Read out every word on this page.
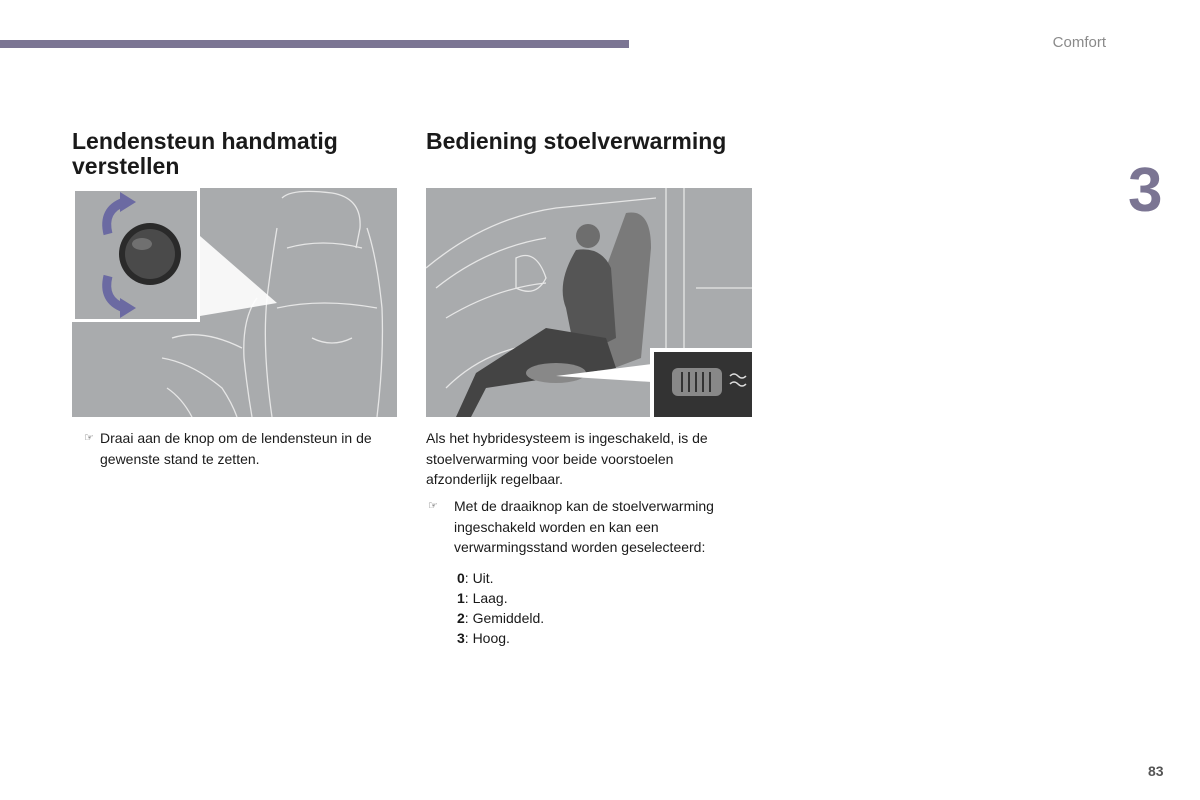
Comfort
3
Lendensteun handmatig verstellen
☞ Draai aan de knop om de lendensteun in de gewenste stand te zetten.
Bediening stoelverwarming
Als het hybridesysteem is ingeschakeld, is de stoelverwarming voor beide voorstoelen afzonderlijk regelbaar.
☞ Met de draaiknop kan de stoelverwarming ingeschakeld worden en kan een verwarmingsstand worden geselecteerd:
0: Uit.
1: Laag.
2: Gemiddeld.
3: Hoog.
83
